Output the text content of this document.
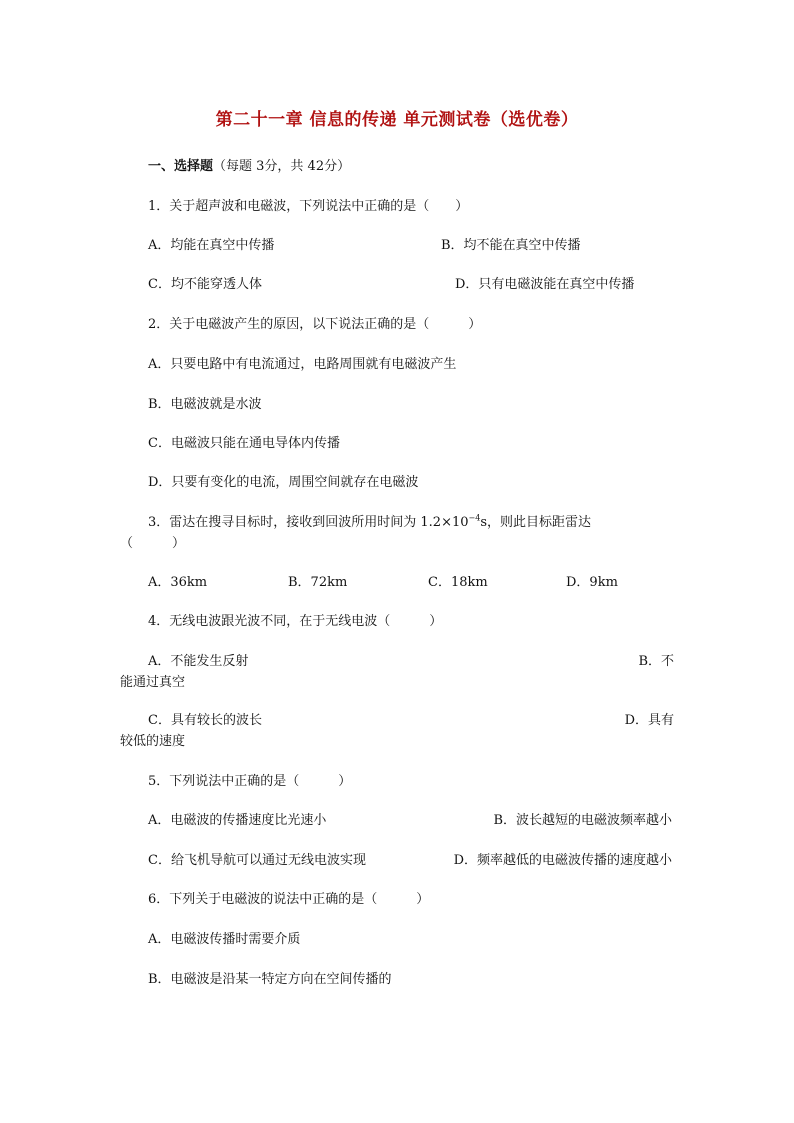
第二十一章 信息的传递 单元测试卷（选优卷）
一、选择题（每题 3分，共 42分）
1．关于超声波和电磁波，下列说法中正确的是（　　）
A．均能在真空中传播	B．均不能在真空中传播
C．均不能穿透人体	D．只有电磁波能在真空中传播
2．关于电磁波产生的原因，以下说法正确的是（　　　）
A．只要电路中有电流通过，电路周围就有电磁波产生
B．电磁波就是水波
C．电磁波只能在通电导体内传播
D．只要有变化的电流，周围空间就存在电磁波
3．雷达在搜寻目标时，接收到回波所用时间为 $1.2\times 10^{-4}s$，则此目标距雷达
（　　　）
A．36km	B．72km	C．18km	D．9km
4．无线电波跟光波不同，在于无线电波（　　　）
A．不能发生反射	B．不
能通过真空
C．具有较长的波长	D．具有
较低的速度
5．下列说法中正确的是（　　　）
A．电磁波的传播速度比光速小	B．波长越短的电磁波频率越小
C．给飞机导航可以通过无线电波实现	D．频率越低的电磁波传播的速度越小
6．下列关于电磁波的说法中正确的是（　　　）
A．电磁波传播时需要介质
B．电磁波是沿某一特定方向在空间传播的
